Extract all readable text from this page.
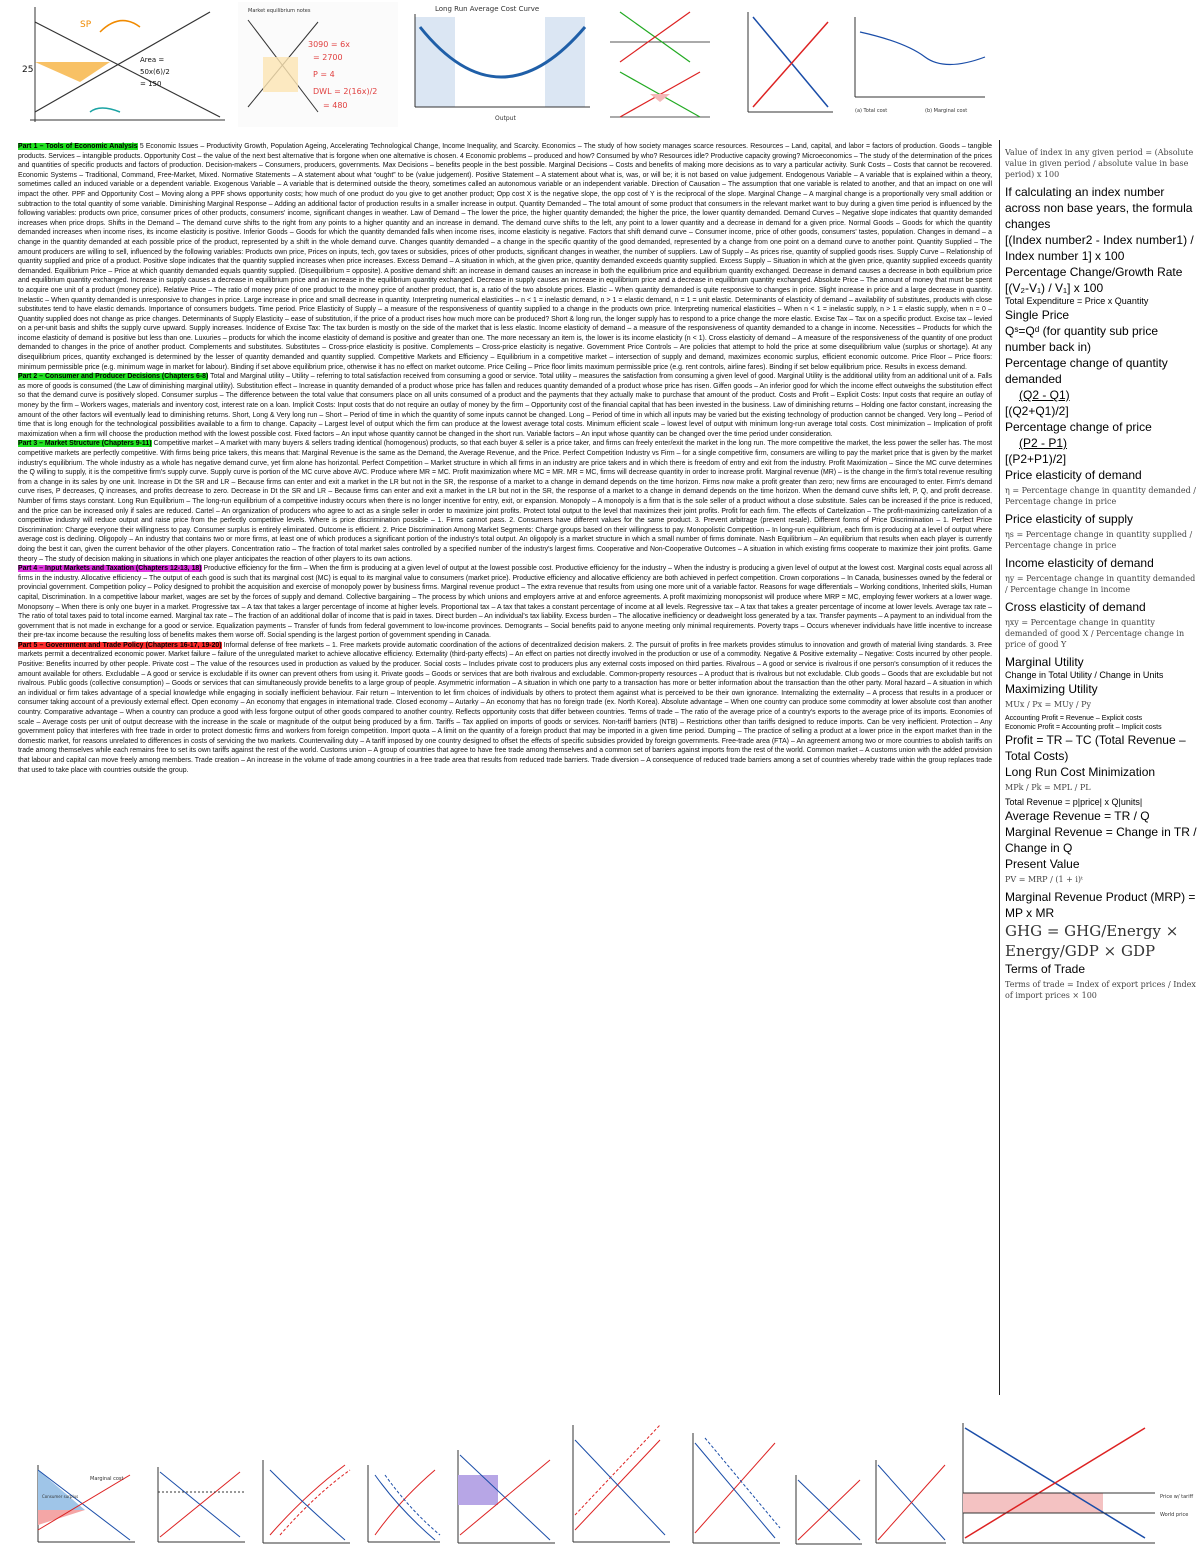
SP
25
Area =
50x(6)/2
= 150
3090 = 6x
= 2700
P = 4
DWL = 2(16x)/2
= 480
Market equilibrium notes	Long Run Average Cost Curve
Output
(a) Total cost	(b) Marginal cost

Part 1 – Tools of Economic Analysis 5 Economic Issues – Productivity Growth, Population Ageing, Accelerating Technological Change, Income Inequality, and Scarcity. Economics – The study of how society manages scarce resources. Resources – Land, capital, and labor = factors of production. Goods – tangible products. Services – intangible products. Opportunity Cost – the value of the next best alternative that is forgone when one alternative is chosen. 4 Economic problems – produced and how? Consumed by who? Resources idle? Productive capacity growing? Microeconomics – The study of the determination of the prices and quantities of specific products and factors of production. Decision-makers – Consumers, producers, governments. Max Decisions – benefits people in the best possible. Marginal Decisions – Costs and benefits of making more decisions as to vary a particular activity. Sunk Costs – Costs that cannot be recovered. Economic Systems – Traditional, Command, Free-Market, Mixed. Normative Statements – A statement about what “ought” to be (value judgement). Positive Statement – A statement about what is, was, or will be; it is not based on value judgement. Endogenous Variable – A variable that is explained within a theory, sometimes called an induced variable or a dependent variable. Exogenous Variable – A variable that is determined outside the theory, sometimes called an autonomous variable or an independent variable. Direction of Causation – The assumption that one variable is related to another, and that an impact on one will impact the other. PPF and Opportunity Cost – Moving along a PPF shows opportunity costs; how much of one product do you give to get another product; Opp cost X is the negative slope, the opp cost of Y is the reciprocal of the slope. Marginal Change – A marginal change is a proportionally very small addition or subtraction to the total quantity of some variable. Diminishing Marginal Response – Adding an additional factor of production results in a smaller increase in output. Quantity Demanded – The total amount of some product that consumers in the relevant market want to buy during a given time period is influenced by the following variables: products own price, consumer prices of other products, consumers' income, significant changes in weather. Law of Demand – The lower the price, the higher quantity demanded; the higher the price, the lower quantity demanded. Demand Curves – Negative slope indicates that quantity demanded increases when price drops. Shifts in the Demand – The demand curve shifts to the right from any points to a higher quantity and an increase in demand. The demand curve shifts to the left, any point to a lower quantity and a decrease in demand for a given price. Normal Goods – Goods for which the quantity demanded increases when income rises, its income elasticity is positive. Inferior Goods – Goods for which the quantity demanded falls when income rises, income elasticity is negative. Factors that shift demand curve – Consumer income, price of other goods, consumers' tastes, population. Changes in demand – a change in the quantity demanded at each possible price of the product, represented by a shift in the whole demand curve. Changes quantity demanded – a change in the specific quantity of the good demanded, represented by a change from one point on a demand curve to another point. Quantity Supplied – The amount producers are willing to sell, influenced by the following variables: Products own price, Prices on inputs, tech, gov taxes or subsidies, prices of other products, significant changes in weather, the number of suppliers. Law of Supply – As prices rise, quantity of supplied goods rises. Supply Curve – Relationship of quantity supplied and price of a product. Positive slope indicates that the quantity supplied increases when price increases. Excess Demand – A situation in which, at the given price, quantity demanded exceeds quantity supplied. Excess Supply – Situation in which at the given price, quantity supplied exceeds quantity demanded. Equilibrium Price – Price at which quantity demanded equals quantity supplied. (Disequilibrium = opposite). A positive demand shift: an increase in demand causes an increase in both the equilibrium price and equilibrium quantity exchanged. Decrease in demand causes a decrease in both equilibrium price and equilibrium quantity exchanged. Increase in supply causes a decrease in equilibrium price and an increase in the equilibrium quantity exchanged. Decrease in supply causes an increase in equilibrium price and a decrease in equilibrium quantity exchanged. Absolute Price – The amount of money that must be spent to acquire one unit of a product (money price). Relative Price – The ratio of money price of one product to the money price of another product, that is, a ratio of the two absolute prices. Elastic – When quantity demanded is quite responsive to changes in price. Slight increase in price and a large decrease in quantity. Inelastic – When quantity demanded is unresponsive to changes in price. Large increase in price and small decrease in quantity. Interpreting numerical elasticities – n < 1 = inelastic demand, n > 1 = elastic demand, n = 1 = unit elastic. Determinants of elasticity of demand – availability of substitutes, products with close substitutes tend to have elastic demands. Importance of consumers budgets. Time period. Price Elasticity of Supply – a measure of the responsiveness of quantity supplied to a change in the products own price. Interpreting numerical elasticities – When n < 1 = inelastic supply, n > 1 = elastic supply, when n = 0 – Quantity supplied does not change as price changes. Determinants of Supply Elasticity – ease of substitution, if the price of a product rises how much more can be produced? Short & long run, the longer supply has to respond to a price change the more elastic. Excise Tax – Tax on a specific product. Excise tax – levied on a per-unit basis and shifts the supply curve upward. Supply increases. Incidence of Excise Tax: The tax burden is mostly on the side of the market that is less elastic. Income elasticity of demand – a measure of the responsiveness of quantity demanded to a change in income. Necessities – Products for which the income elasticity of demand is positive but less than one. Luxuries – products for which the income elasticity of demand is positive and greater than one. The more necessary an item is, the lower is its income elasticity (n < 1). Cross elasticity of demand – A measure of the responsiveness of the quantity of one product demanded to changes in the price of another product. Complements and substitutes. Substitutes – Cross-price elasticity is positive. Complements – Cross-price elasticity is negative. Government Price Controls – Are policies that attempt to hold the price at some disequilibrium value (surplus or shortage). At any disequilibrium prices, quantity exchanged is determined by the lesser of quantity demanded and quantity supplied. Competitive Markets and Efficiency – Equilibrium in a competitive market – intersection of supply and demand, maximizes economic surplus, efficient economic outcome. Price Floor – Price floors: minimum permissible price (e.g. minimum wage in market for labour). Binding if set above equilibrium price, otherwise it has no effect on market outcome. Price Ceiling – Price floor limits maximum permissible price (e.g. rent controls, airline fares). Binding if set below equilibrium price. Results in excess demand.

Part 2 – Consumer and Producer Decisions (Chapters 6-8) Total and Marginal utility – Utility – referring to total satisfaction received from consuming a good or service. Total utility – measures the satisfaction from consuming a given level of good. Marginal Utility is the additional utility from an additional unit of a. Falls as more of goods is consumed (the Law of diminishing marginal utility). Substitution effect – Increase in quantity demanded of a product whose price has fallen and reduces quantity demanded of a product whose price has risen. Giffen goods – An inferior good for which the income effect outweighs the substitution effect so that the demand curve is positively sloped. Consumer surplus – The difference between the total value that consumers place on all units consumed of a product and the payments that they actually make to purchase that amount of the product. Costs and Profit – Explicit Costs: Input costs that require an outlay of money by the firm – Workers wages, materials and inventory cost, interest rate on a loan. Implicit Costs: Input costs that do not require an outlay of money by the firm – Opportunity cost of the financial capital that has been invested in the business. Law of diminishing returns – Holding one factor constant, increasing the amount of the other factors will eventually lead to diminishing returns. Short, Long & Very long run – Short – Period of time in which the quantity of some inputs cannot be changed. Long – Period of time in which all inputs may be varied but the existing technology of production cannot be changed. Very long – Period of time that is long enough for the technological possibilities available to a firm to change. Capacity – Largest level of output which the firm can produce at the lowest average total costs. Minimum efficient scale – lowest level of output with minimum long-run average total costs. Cost minimization – Implication of profit maximization when a firm will choose the production method with the lowest possible cost. Fixed factors – An input whose quantity cannot be changed in the short run. Variable factors – An input whose quantity can be changed over the time period under consideration.

Part 3 – Market Structure (Chapters 9-11) Competitive market – A market with many buyers & sellers trading identical (homogenous) products, so that each buyer & seller is a price taker, and firms can freely enter/exit the market in the long run. The more competitive the market, the less power the seller has. The most competitive markets are perfectly competitive. With firms being price takers, this means that: Marginal Revenue is the same as the Demand, the Average Revenue, and the Price. Perfect Competition Industry vs Firm – for a single competitive firm, consumers are willing to pay the market price that is given by the market industry's equilibrium. The whole industry as a whole has negative demand curve, yet firm alone has horizontal. Perfect Competition – Market structure in which all firms in an industry are price takers and in which there is freedom of entry and exit from the industry. Profit Maximization – Since the MC curve determines the Q willing to supply, it is the competitive firm's supply curve. Supply curve is portion of the MC curve above AVC. Produce where MR = MC. Profit maximization where MC = MR. MR = MC, firms will decrease quantity in order to increase profit. Marginal revenue (MR) – is the change in the firm's total revenue resulting from a change in its sales by one unit. Increase in Dt the SR and LR – Because firms can enter and exit a market in the LR but not in the SR, the response of a market to a change in demand depends on the time horizon. Firms now make a profit greater than zero; new firms are encouraged to enter. Firm's demand curve rises, P decreases, Q increases, and profits decrease to zero. Decrease in Dt the SR and LR – Because firms can enter and exit a market in the LR but not in the SR, the response of a market to a change in demand depends on the time horizon. When the demand curve shifts left, P, Q, and profit decrease. Number of firms stays constant. Long Run Equilibrium – The long-run equilibrium of a competitive industry occurs when there is no longer incentive for entry, exit, or expansion. Monopoly – A monopoly is a firm that is the sole seller of a product without a close substitute. Sales can be increased if the price is reduced, and the price can be increased only if sales are reduced. Cartel – An organization of producers who agree to act as a single seller in order to maximize joint profits. Protect total output to the level that maximizes their joint profits. Profit for each firm. The effects of Cartelization – The profit-maximizing cartelization of a competitive industry will reduce output and raise price from the perfectly competitive levels. Where is price discrimination possible – 1. Firms cannot pass. 2. Consumers have different values for the same product. 3. Prevent arbitrage (prevent resale). Different forms of Price Discrimination – 1. Perfect Price Discrimination: Charge everyone their willingness to pay. Consumer surplus is entirely eliminated. Outcome is efficient. 2. Price Discrimination Among Market Segments: Charge groups based on their willingness to pay. Monopolistic Competition – In long-run equilibrium, each firm is producing at a level of output where average cost is declining. Oligopoly – An industry that contains two or more firms, at least one of which produces a significant portion of the industry's total output. An oligopoly is a market structure in which a small number of firms dominate. Nash Equilibrium – An equilibrium that results when each player is currently doing the best it can, given the current behavior of the other players. Concentration ratio – The fraction of total market sales controlled by a specified number of the industry's largest firms. Cooperative and Non-Cooperative Outcomes – A situation in which existing firms cooperate to maximize their joint profits. Game theory – The study of decision making in situations in which one player anticipates the reaction of other players to its own actions.

Part 4 – Input Markets and Taxation (Chapters 12-13, 18) Productive efficiency for the firm – When the firm is producing at a given level of output at the lowest possible cost. Productive efficiency for the industry – When the industry is producing a given level of output at the lowest cost. Marginal costs equal across all firms in the industry. Allocative efficiency – The output of each good is such that its marginal cost (MC) is equal to its marginal value to consumers (market price). Productive efficiency and allocative efficiency are both achieved in perfect competition. Crown corporations – In Canada, businesses owned by the federal or provincial government. Competition policy – Policy designed to prohibit the acquisition and exercise of monopoly power by business firms. Marginal revenue product – The extra revenue that results from using one more unit of a variable factor. Reasons for wage differentials – Working conditions, Inherited skills, Human capital, Discrimination. In a competitive labour market, wages are set by the forces of supply and demand. Collective bargaining – The process by which unions and employers arrive at and enforce agreements. A profit maximizing monopsonist will produce where MRP = MC, employing fewer workers at a lower wage. Monopsony – When there is only one buyer in a market. Progressive tax – A tax that takes a larger percentage of income at higher levels. Proportional tax – A tax that takes a constant percentage of income at all levels. Regressive tax – A tax that takes a greater percentage of income at lower levels. Average tax rate – The ratio of total taxes paid to total income earned. Marginal tax rate – The fraction of an additional dollar of income that is paid in taxes. Direct burden – An individual's tax liability. Excess burden – The allocative inefficiency or deadweight loss generated by a tax. Transfer payments – A payment to an individual from the government that is not made in exchange for a good or service. Equalization payments – Transfer of funds from federal government to low-income provinces. Demogrants – Social benefits paid to anyone meeting only minimal requirements. Poverty traps – Occurs whenever individuals have little incentive to increase their pre-tax income because the resulting loss of benefits makes them worse off. Social spending is the largest portion of government spending in Canada.

Part 5 – Government and Trade Policy (Chapters 16-17, 19-20) Informal defense of free markets – 1. Free markets provide automatic coordination of the actions of decentralized decision makers. 2. The pursuit of profits in free markets provides stimulus to innovation and growth of material living standards. 3. Free markets permit a decentralized economic power. Market failure – failure of the unregulated market to achieve allocative efficiency. Externality (third-party effects) – An effect on parties not directly involved in the production or use of a commodity. Negative & Positive externality – Negative: Costs incurred by other people. Positive: Benefits incurred by other people. Private cost – The value of the resources used in production as valued by the producer. Social costs – Includes private cost to producers plus any external costs imposed on third parties. Rivalrous – A good or service is rivalrous if one person's consumption of it reduces the amount available for others. Excludable – A good or service is excludable if its owner can prevent others from using it. Private goods – Goods or services that are both rivalrous and excludable. Common-property resources – A product that is rivalrous but not excludable. Club goods – Goods that are excludable but not rivalrous. Public goods (collective consumption) – Goods or services that can simultaneously provide benefits to a large group of people. Asymmetric information – A situation in which one party to a transaction has more or better information about the transaction than the other party. Moral hazard – A situation in which an individual or firm takes advantage of a special knowledge while engaging in socially inefficient behaviour. Fair return – Intervention to let firm choices of individuals by others to protect them against what is perceived to be their own ignorance. Internalizing the externality – A process that results in a producer or consumer taking account of a previously external effect. Open economy – An economy that engages in international trade. Closed economy – Autarky – An economy that has no foreign trade (ex. North Korea). Absolute advantage – When one country can produce some commodity at lower absolute cost than another country. Comparative advantage – When a country can produce a good with less forgone output of other goods compared to another country. Reflects opportunity costs that differ between countries. Terms of trade – The ratio of the average price of a country's exports to the average price of its imports. Economies of scale – Average costs per unit of output decrease with the increase in the scale or magnitude of the output being produced by a firm. Tariffs – Tax applied on imports of goods or services. Non-tariff barriers (NTB) – Restrictions other than tariffs designed to reduce imports. Can be very inefficient. Protection – Any government policy that interferes with free trade in order to protect domestic firms and workers from foreign competition. Import quota – A limit on the quantity of a foreign product that may be imported in a given time period. Dumping – The practice of selling a product at a lower price in the export market than in the domestic market, for reasons unrelated to differences in costs of servicing the two markets. Countervailing duty – A tariff imposed by one country designed to offset the effects of specific subsidies provided by foreign governments. Free-trade area (FTA) – An agreement among two or more countries to abolish tariffs on trade among themselves while each remains free to set its own tariffs against the rest of the world. Customs union – A group of countries that agree to have free trade among themselves and a common set of barriers against imports from the rest of the world. Common market – A customs union with the added provision that labour and capital can move freely among members. Trade creation – An increase in the volume of trade among countries in a free trade area that results from reduced trade barriers. Trade diversion – A consequence of reduced trade barriers among a set of countries whereby trade within the group replaces trade that used to take place with countries outside the group.

Value of index in any given period = (Absolute value in given period / absolute value in base period) x 100
If calculating an index number across non base years, the formula changes
[(Index number2 - Index number1) / Index number 1] x 100
Percentage Change/Growth Rate
[(V₂-V₁) / V₁] x 100
Total Expenditure = Price x Quantity
Single Price
Qˢ=Qᵈ (for quantity sub price number back in)
Percentage change of quantity demanded
(Q2 - Q1)
[(Q2+Q1)/2]
Percentage change of price
(P2 - P1)
[(P2+P1)/2]
Price elasticity of demand
η = Percentage change in quantity demanded / Percentage change in price
Price elasticity of supply
ηs = Percentage change in quantity supplied / Percentage change in price
Income elasticity of demand
ηy = Percentage change in quantity demanded / Percentage change in income
Cross elasticity of demand
ηxy = Percentage change in quantity demanded of good X / Percentage change in price of good Y
Marginal Utility
Change in Total Utility / Change in Units
Maximizing Utility
MUx / Px = MUy / Py
Accounting Profit = Revenue – Explicit costs
Economic Profit = Accounting profit – Implicit costs
Profit = TR – TC (Total Revenue – Total Costs)
Long Run Cost Minimization
MPk / Pk = MPL / PL
Total Revenue = p|price| x Q|units|
Average Revenue = TR / Q
Marginal Revenue = Change in TR / Change in Q
Present Value
PV = MRP / (1 + i)ᵗ
Marginal Revenue Product (MRP) = MP x MR
GHG = GHG/Energy × Energy/GDP × GDP
Terms of Trade
Terms of trade = Index of export prices / Index of import prices × 100
Marginal cost
Consumer surplus	Price w/ tariff
World price
